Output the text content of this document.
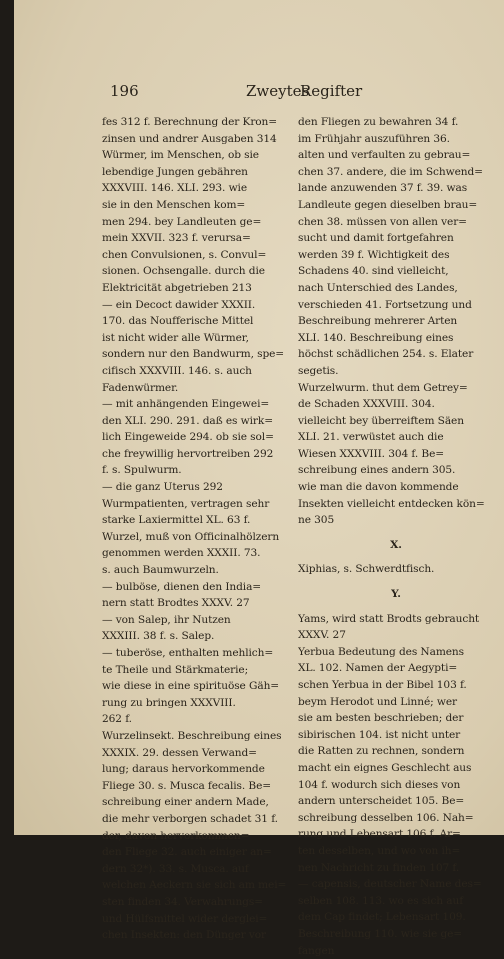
196	Zweytes
Regifter
fes 312 f. Berechnung der Kron=
zinsen und andrer Ausgaben 314
Würmer, im Menschen, ob sie
lebendige Jungen gebähren
XXXVIII. 146. XLI. 293. wie
sie in den Menschen kom=
men 294. bey Landleuten ge=
mein XXVII. 323 f. verursa=
chen Convulsionen, s. Convul=
sionen. Ochsengalle. durch die
Elektricität abgetrieben 213
— ein Decoct dawider XXXII.
170. das Noufferische Mittel
ist nicht wider alle Würmer,
sondern nur den Bandwurm, spe=
cifisch XXXVIII. 146. s. auch
Fadenwürmer.
— mit anhängenden Eingewei=
den XLI. 290. 291. daß es wirk=
lich Eingeweide 294. ob sie sol=
che freywillig hervortreiben 292
f. s. Spulwurm.
— die ganz Uterus 292
Wurmpatienten, vertragen sehr
starke Laxiermittel XL. 63 f.
Wurzel, muß von Officinalhölzern
genommen werden XXXII. 73.
s. auch Baumwurzeln.
— bulböse, dienen den India=
nern statt Brodtes XXXV. 27
— von Salep, ihr Nutzen
XXXIII. 38 f. s. Salep.
— tuberöse, enthalten mehlich=
te Theile und Stärkmaterie;
wie diese in eine spirituöse Gäh=
rung zu bringen XXXVIII.
262 f.
Wurzelinsekt. Beschreibung eines
XXXIX. 29. dessen Verwand=
lung; daraus hervorkommende
Fliege 30. s. Musca fecalis. Be=
schreibung einer andern Made,
die mehr verborgen schadet 31 f.
der, davon hervorkommen=
den Fliege 32. auch einiger an=
dern 32*). 33. s. Musca. auf
welchen Aeckern sie sich am mei=
sten finden 34. Verwahrungs=
und Hülfsmittel wider derglei=
chen Insekten: den Dünger vor
den Fliegen zu bewahren 34 f.
im Frühjahr auszuführen 36.
alten und verfaulten zu gebrau=
chen 37. andere, die im Schwend=
lande anzuwenden 37 f. 39. was
Landleute gegen dieselben brau=
chen 38. müssen von allen ver=
sucht und damit fortgefahren
werden 39 f. Wichtigkeit des
Schadens 40. sind vielleicht,
nach Unterschied des Landes,
verschieden 41. Fortsetzung und
Beschreibung mehrerer Arten
XLI. 140. Beschreibung eines
höchst schädlichen 254. s. Elater
segetis.
Wurzelwurm. thut dem Getrey=
de Schaden XXXVIII. 304.
vielleicht bey überreiftem Säen
XLI. 21. verwüstet auch die
Wiesen XXXVIII. 304 f. Be=
schreibung eines andern 305.
wie man die davon kommende
Insekten vielleicht entdecken kön=
ne 305
X.
Xiphias, s. Schwerdtfisch.
Y.
Yams, wird statt Brodts gebraucht
XXXV. 27
Yerbua Bedeutung des Namens
XL. 102. Namen der Aegypti=
schen Yerbua in der Bibel 103 f.
beym Herodot und Linné; wer
sie am besten beschrieben; der
sibirischen 104. ist nicht unter
die Ratten zu rechnen, sondern
macht ein eignes Geschlecht aus
104 f. wodurch sich dieses von
andern unterscheidet 105. Be=
schreibung desselben 106. Nah=
rung und Lebensart 106 f. Ar=
ten desselben, und wo von ih=
nen Nachricht zu finden 107 f.
— capensis, deutscher Name des=
selben 108. 113. wo es sich auf
dem Cap findet; Lebensart 109.
Beschreibung 110. wie sie ge=
fangen
